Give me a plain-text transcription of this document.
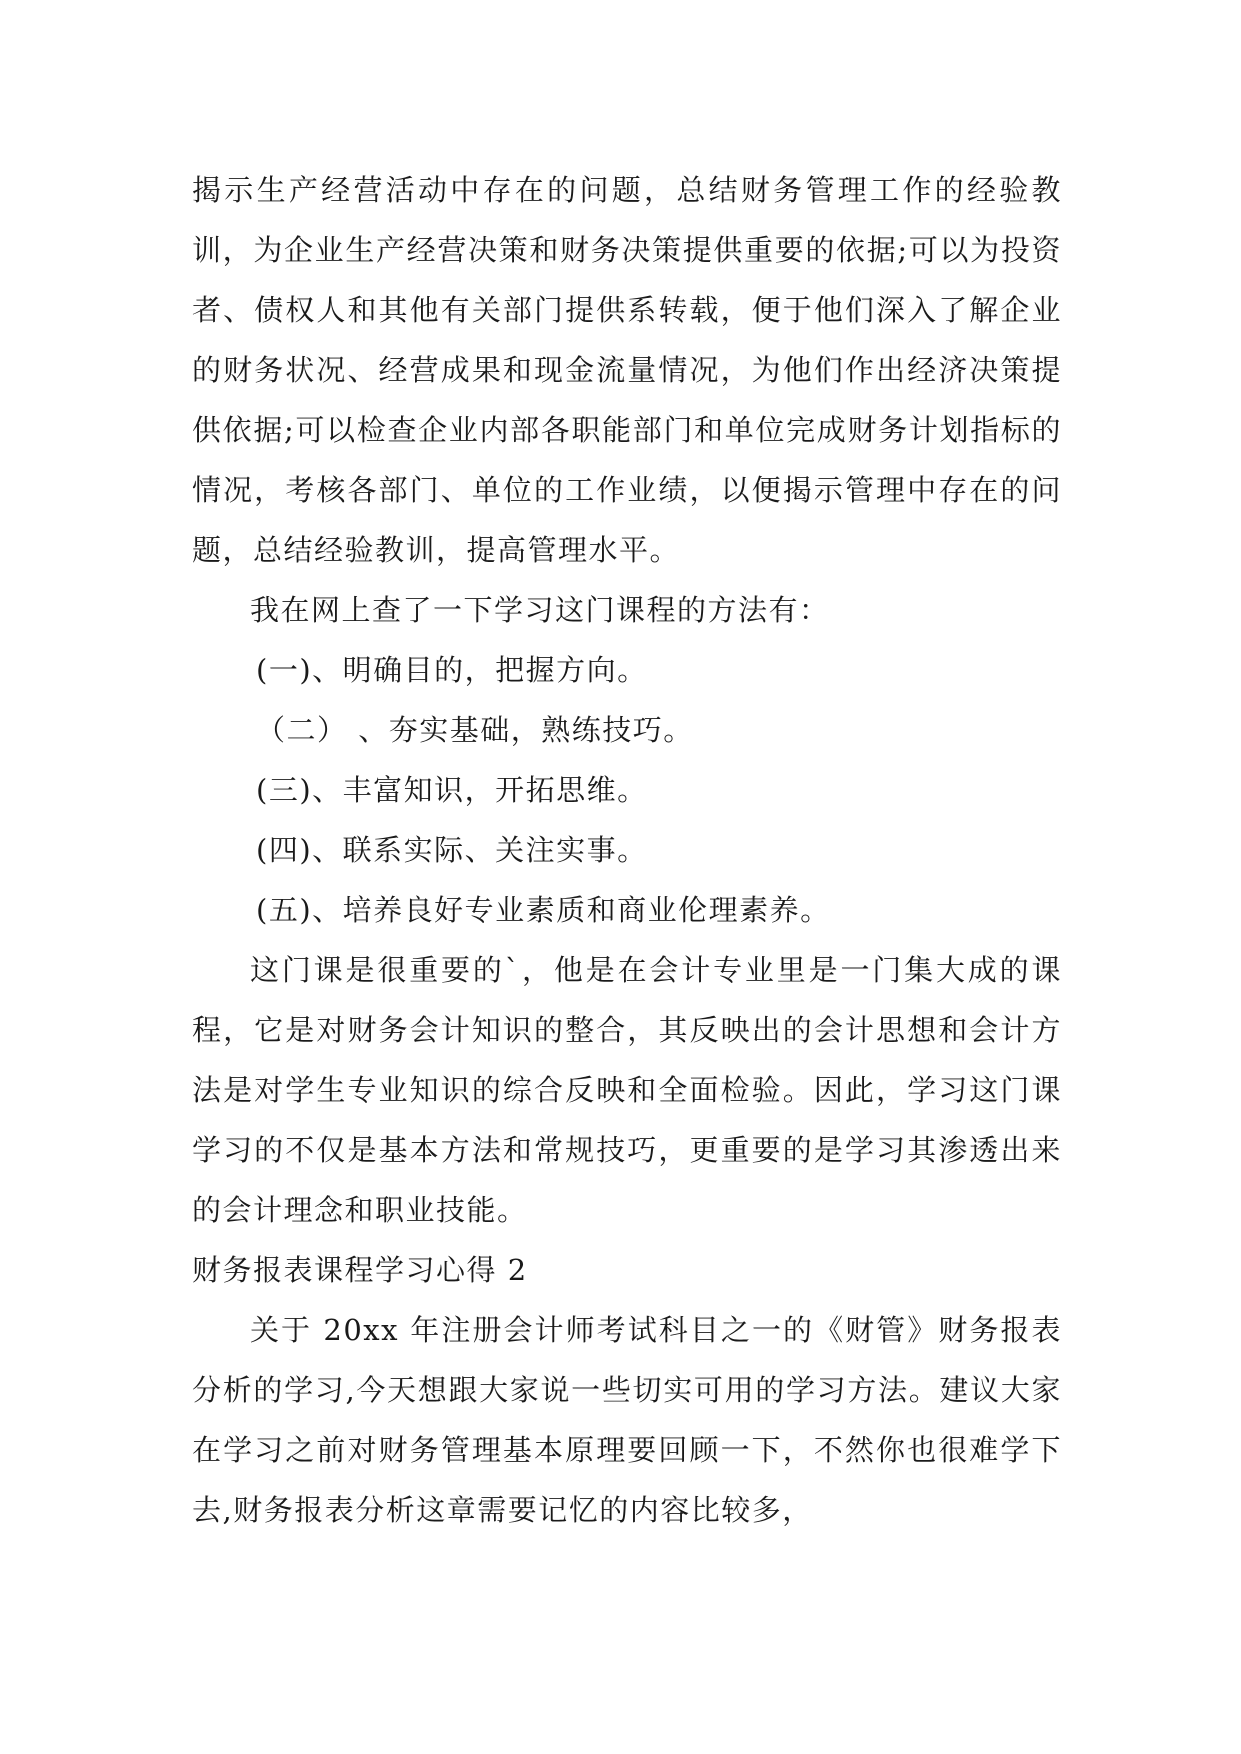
揭示生产经营活动中存在的问题，总结财务管理工作的经验教训，为企业生产经营决策和财务决策提供重要的依据;可以为投资者、债权人和其他有关部门提供系转载，便于他们深入了解企业的财务状况、经营成果和现金流量情况，为他们作出经济决策提供依据;可以检查企业内部各职能部门和单位完成财务计划指标的情况，考核各部门、单位的工作业绩，以便揭示管理中存在的问题，总结经验教训，提高管理水平。

我在网上查了一下学习这门课程的方法有：

(一)、明确目的，把握方向。

（二） 、夯实基础，熟练技巧。

(三)、丰富知识，开拓思维。

(四)、联系实际、关注实事。

(五)、培养良好专业素质和商业伦理素养。

这门课是很重要的`，他是在会计专业里是一门集大成的课程，它是对财务会计知识的整合，其反映出的会计思想和会计方法是对学生专业知识的综合反映和全面检验。因此，学习这门课学习的不仅是基本方法和常规技巧，更重要的是学习其渗透出来的会计理念和职业技能。

财务报表课程学习心得 2

关于 20xx 年注册会计师考试科目之一的《财管》财务报表分析的学习,今天想跟大家说一些切实可用的学习方法。建议大家在学习之前对财务管理基本原理要回顾一下，不然你也很难学下去,财务报表分析这章需要记忆的内容比较多，
